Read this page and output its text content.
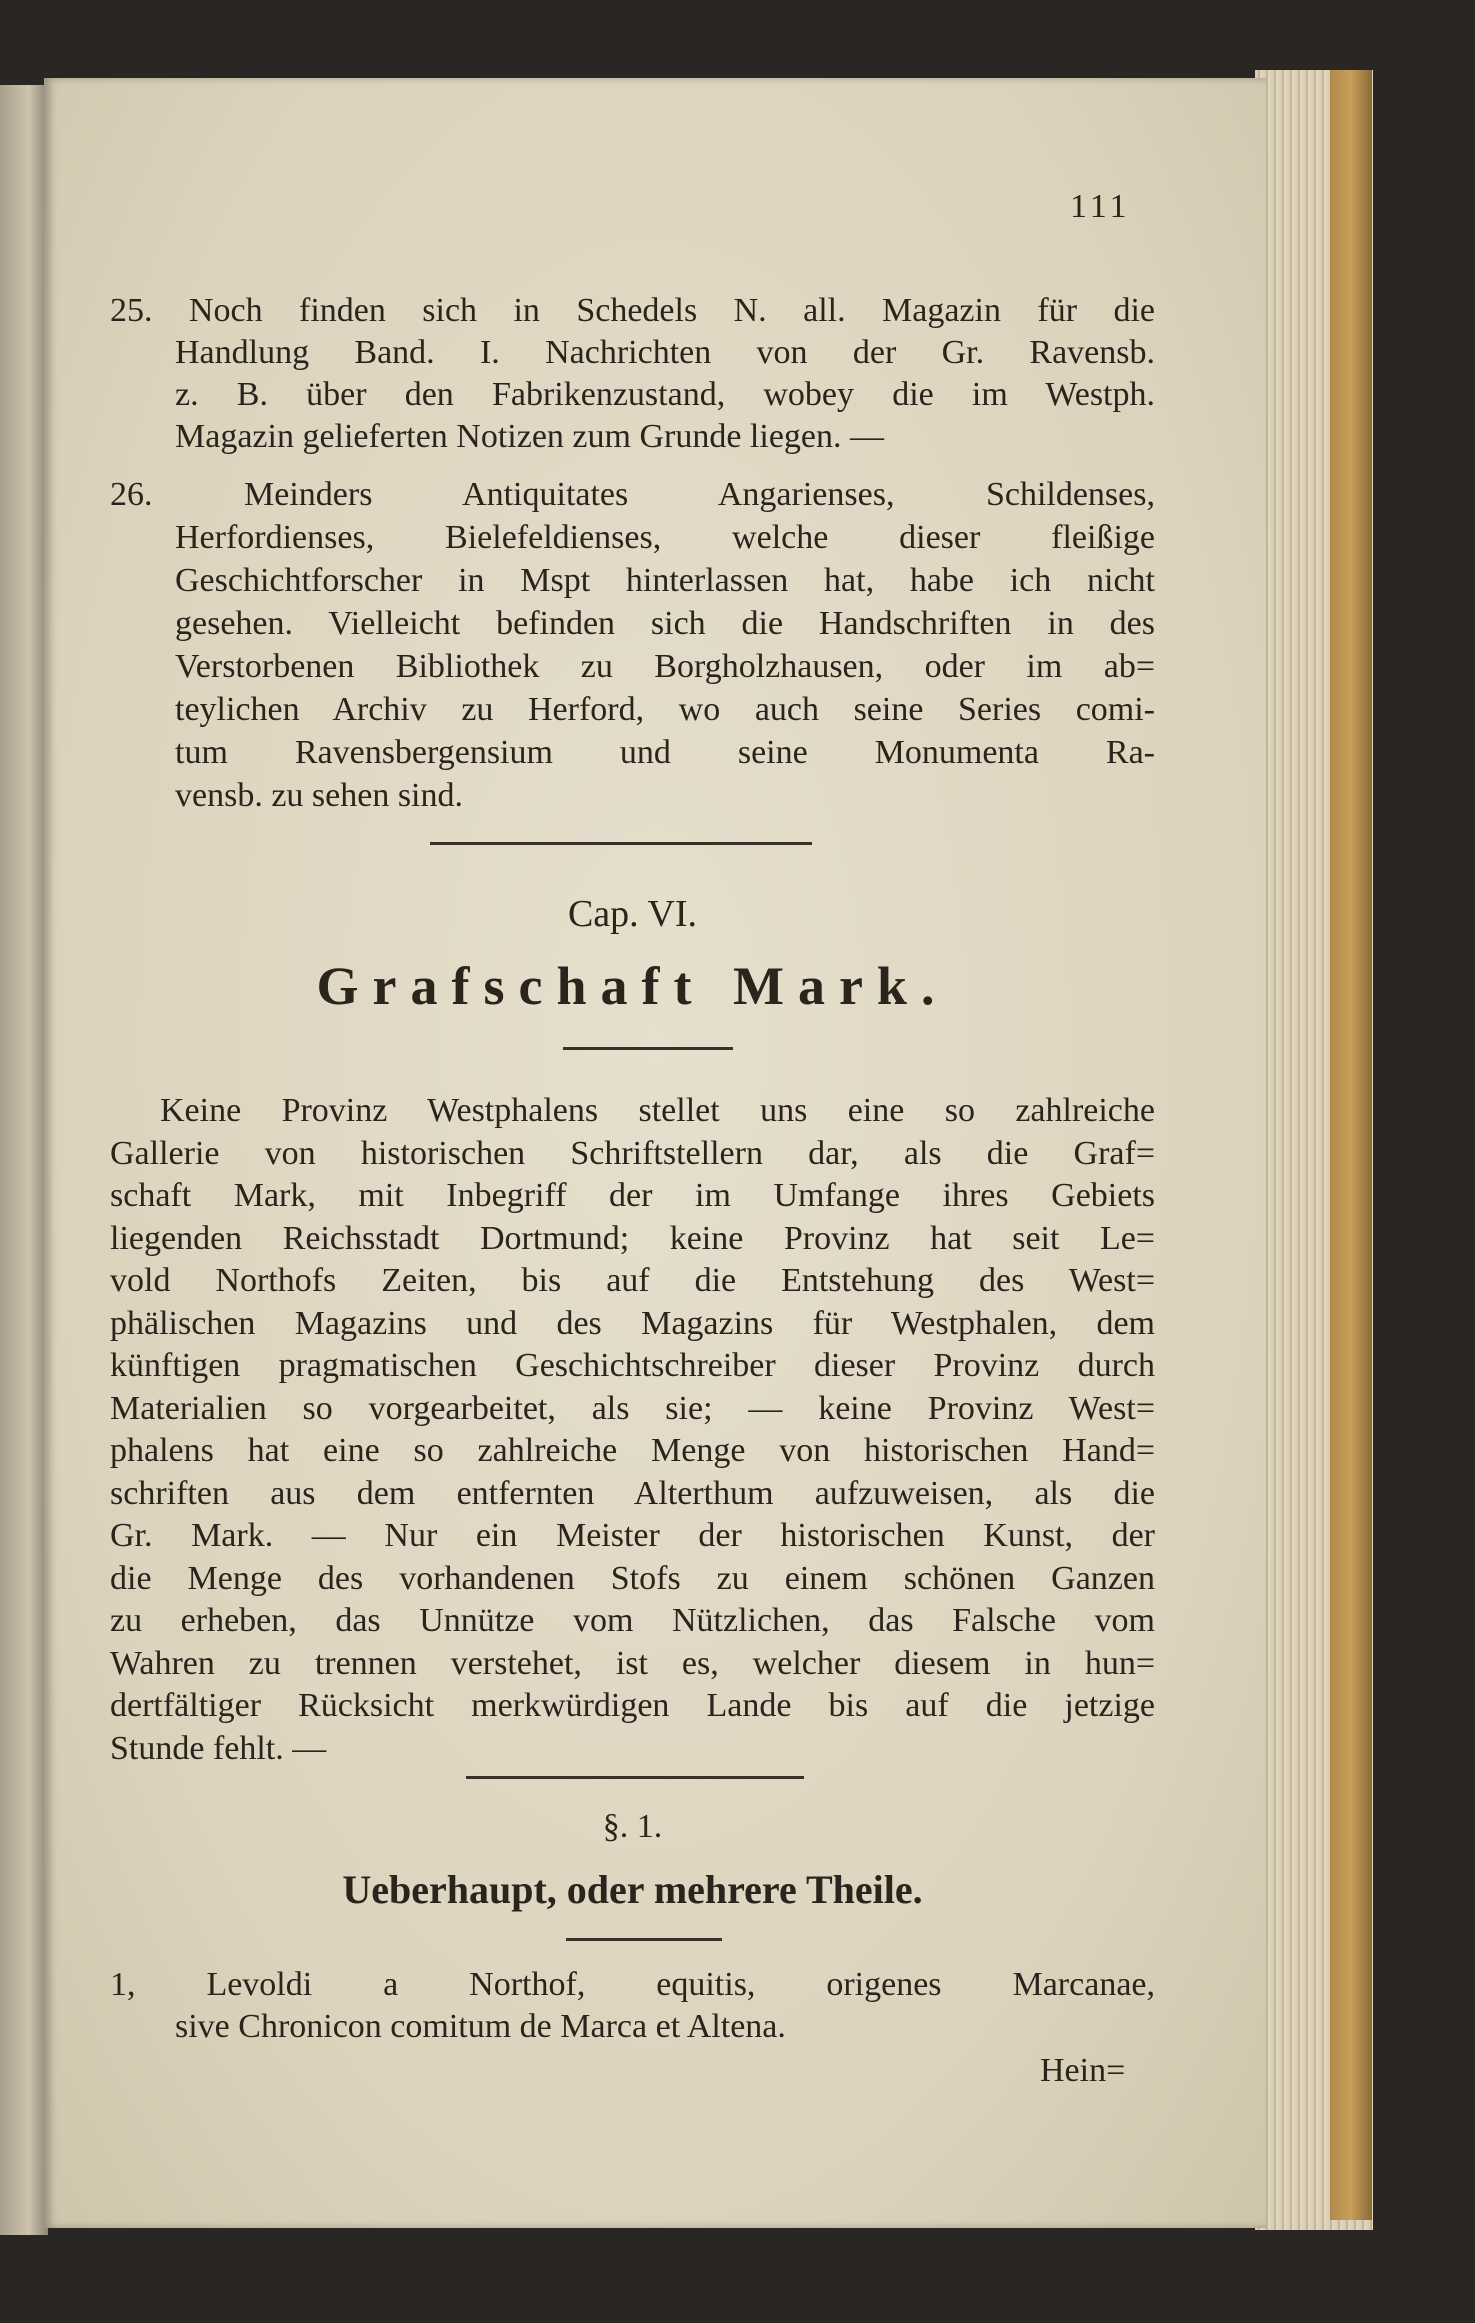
111
25. Noch finden sich in Schedels N. all. Magazin für die
Handlung Band. I. Nachrichten von der Gr. Ravensb.
z. B. über den Fabrikenzustand, wobey die im Westph.
Magazin gelieferten Notizen zum Grunde liegen. —
26. Meinders Antiquitates Angarienses, Schildenses,
Herfordienses, Bielefeldienses, welche dieser fleißige
Geschichtforscher in Mspt hinterlassen hat, habe ich nicht
gesehen. Vielleicht befinden sich die Handschriften in des
Verstorbenen Bibliothek zu Borgholzhausen, oder im ab=
teylichen Archiv zu Herford, wo auch seine Series comi-
tum Ravensbergensium und seine Monumenta Ra-
vensb. zu sehen sind.
Keine Provinz Westphalens stellet uns eine so zahlreiche
Gallerie von historischen Schriftstellern dar, als die Graf=
schaft Mark, mit Inbegriff der im Umfange ihres Gebiets
liegenden Reichsstadt Dortmund; keine Provinz hat seit Le=
vold Northofs Zeiten, bis auf die Entstehung des West=
phälischen Magazins und des Magazins für Westphalen, dem
künftigen pragmatischen Geschichtschreiber dieser Provinz durch
Materialien so vorgearbeitet, als sie; — keine Provinz West=
phalens hat eine so zahlreiche Menge von historischen Hand=
schriften aus dem entfernten Alterthum aufzuweisen, als die
Gr. Mark. — Nur ein Meister der historischen Kunst, der
die Menge des vorhandenen Stofs zu einem schönen Ganzen
zu erheben, das Unnütze vom Nützlichen, das Falsche vom
Wahren zu trennen verstehet, ist es, welcher diesem in hun=
dertfältiger Rücksicht merkwürdigen Lande bis auf die jetzige
Stunde fehlt. —
1, Levoldi a Northof, equitis, origenes Marcanae,
sive Chronicon comitum de Marca et Altena.
Cap. VI.
Grafschaft Mark.
§. 1.
Ueberhaupt, oder mehrere Theile.
Hein=
